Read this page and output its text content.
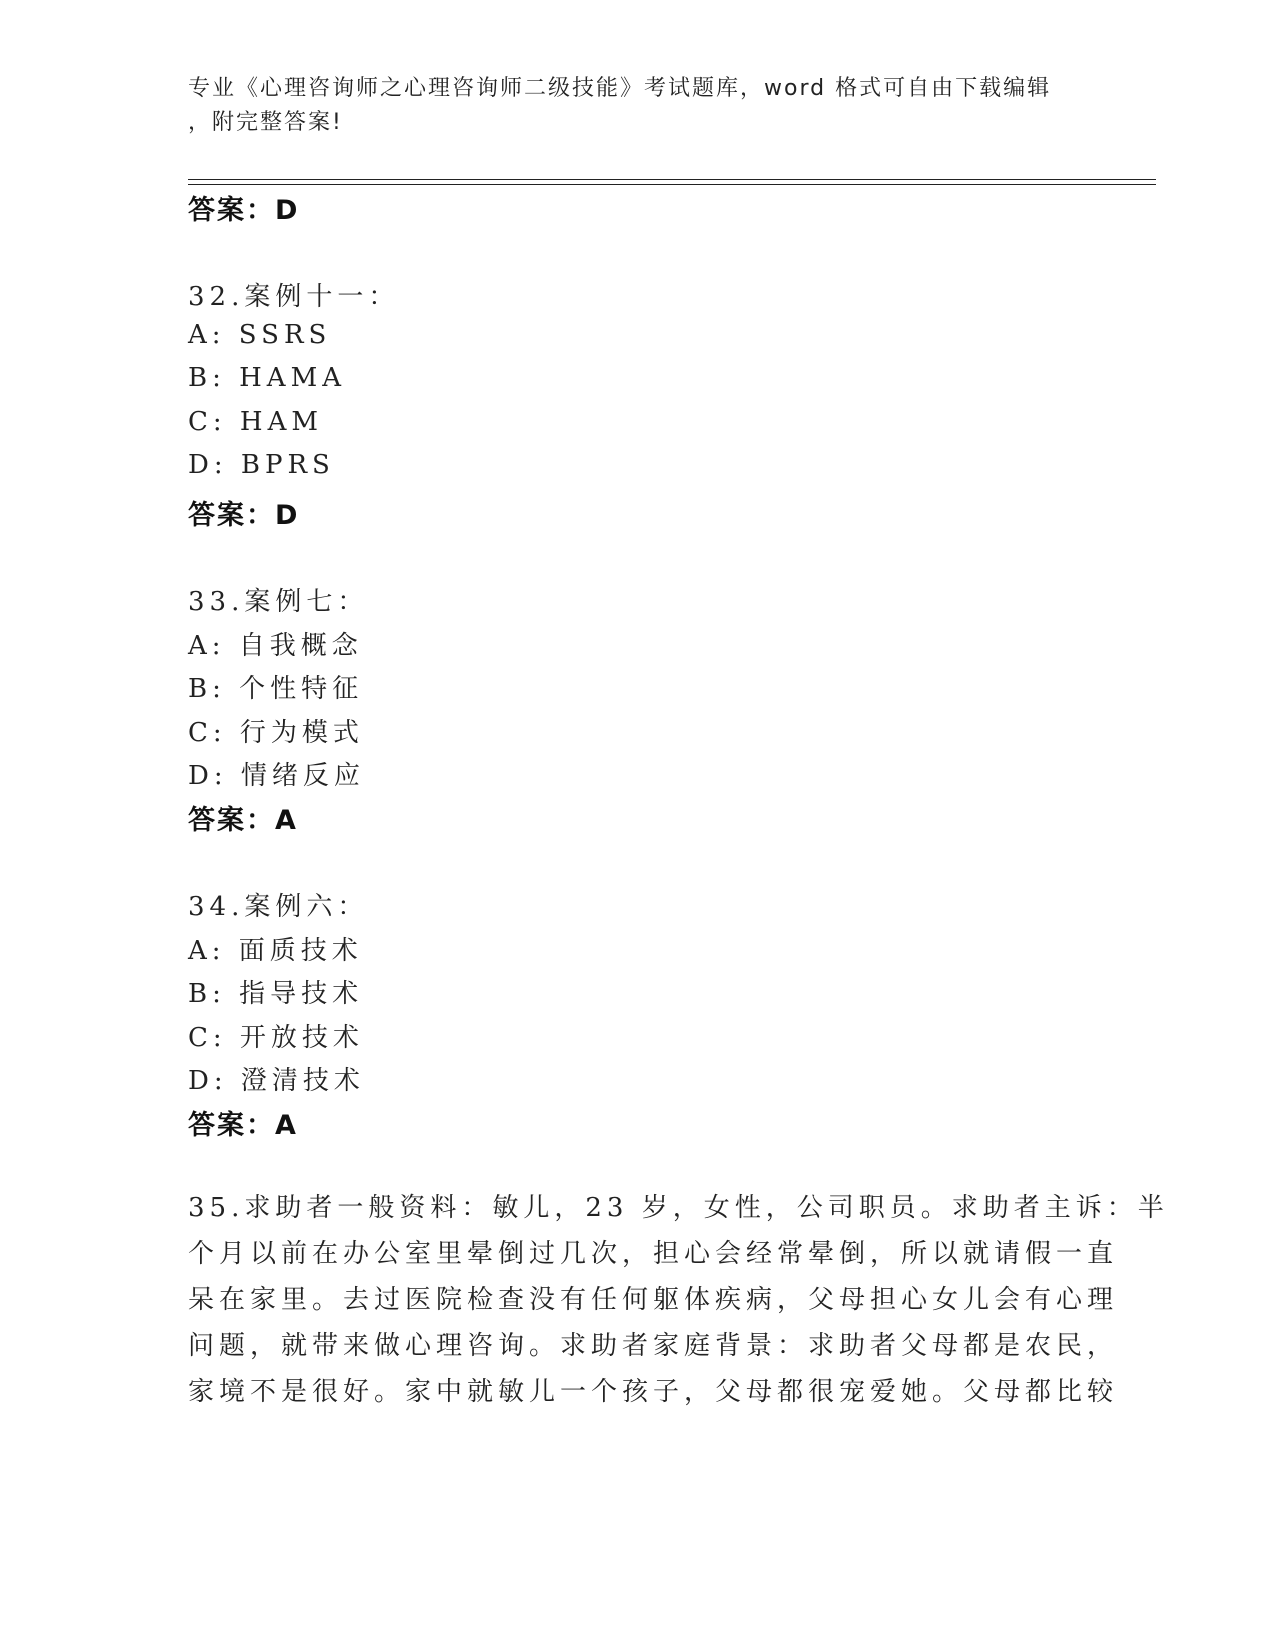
专业《心理咨询师之心理咨询师二级技能》考试题库，word 格式可自由下载编辑
，附完整答案!
答案：D
32.案例十一：
A: SSRS
B: HAMA
C: HAM
D: BPRS
答案：D
33.案例七：
A: 自我概念
B: 个性特征
C: 行为模式
D: 情绪反应
答案：A
34.案例六：
A: 面质技术
B: 指导技术
C: 开放技术
D: 澄清技术
答案：A
35.求助者一般资料：敏儿，23 岁，女性，公司职员。求助者主诉：半
个月以前在办公室里晕倒过几次，担心会经常晕倒，所以就请假一直
呆在家里。去过医院检查没有任何躯体疾病，父母担心女儿会有心理
问题，就带来做心理咨询。求助者家庭背景：求助者父母都是农民，
家境不是很好。家中就敏儿一个孩子，父母都很宠爱她。父母都比较
